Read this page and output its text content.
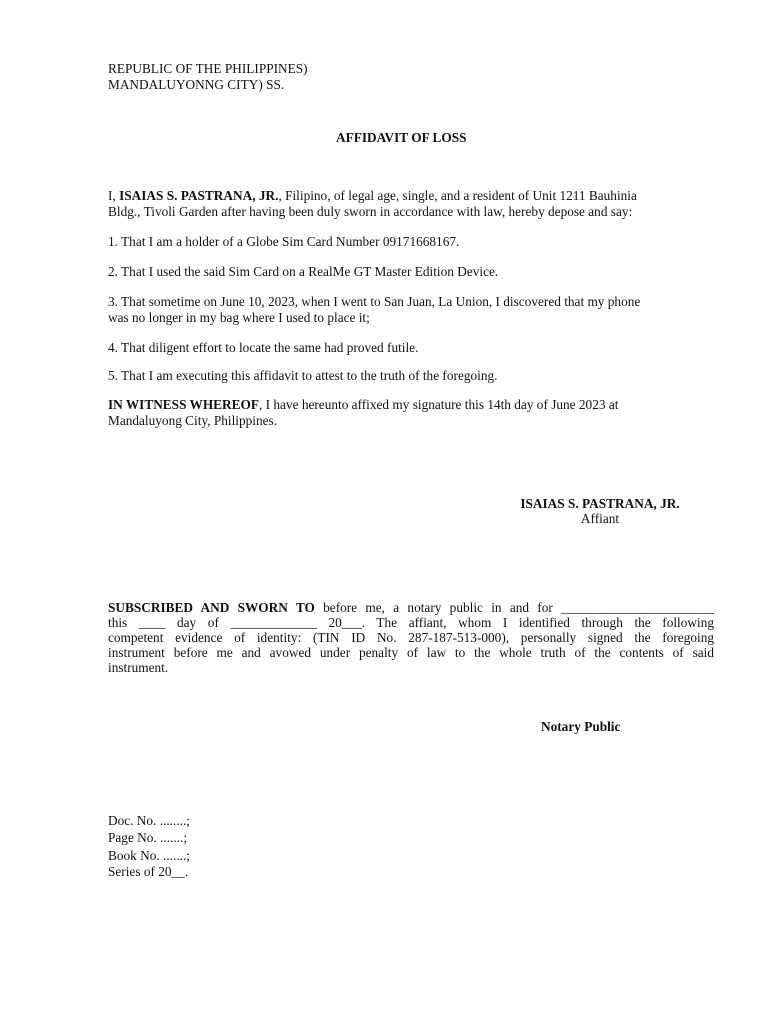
REPUBLIC OF THE PHILIPPINES)
MANDALUYONNG CITY) SS.
AFFIDAVIT OF LOSS
I, ISAIAS S. PASTRANA, JR., Filipino, of legal age, single, and a resident of Unit 1211 Bauhinia
Bldg., Tivoli Garden after having been duly sworn in accordance with law, hereby depose and say:
1. That I am a holder of a Globe Sim Card Number 09171668167.
2. That I used the said Sim Card on a RealMe GT Master Edition Device.
3. That sometime on June 10, 2023, when I went to San Juan, La Union, I discovered that my phone
was no longer in my bag where I used to place it;
4. That diligent effort to locate the same had proved futile.
5. That I am executing this affidavit to attest to the truth of the foregoing.
IN WITNESS WHEREOF, I have hereunto affixed my signature this 14th day of June 2023 at
Mandaluyong City, Philippines.
ISAIAS S. PASTRANA, JR.
Affiant
SUBSCRIBED AND SWORN TO before me, a notary public in and for _______________________
this ____ day of _____________ 20___. The affiant, whom I identified through the following
competent evidence of identity: (TIN ID No. 287-187-513-000), personally signed the foregoing
instrument before me and avowed under penalty of law to the whole truth of the contents of said
instrument.
Notary Public
Doc. No. ........;
Page No. .......;
Book No. .......;
Series of 20__.
